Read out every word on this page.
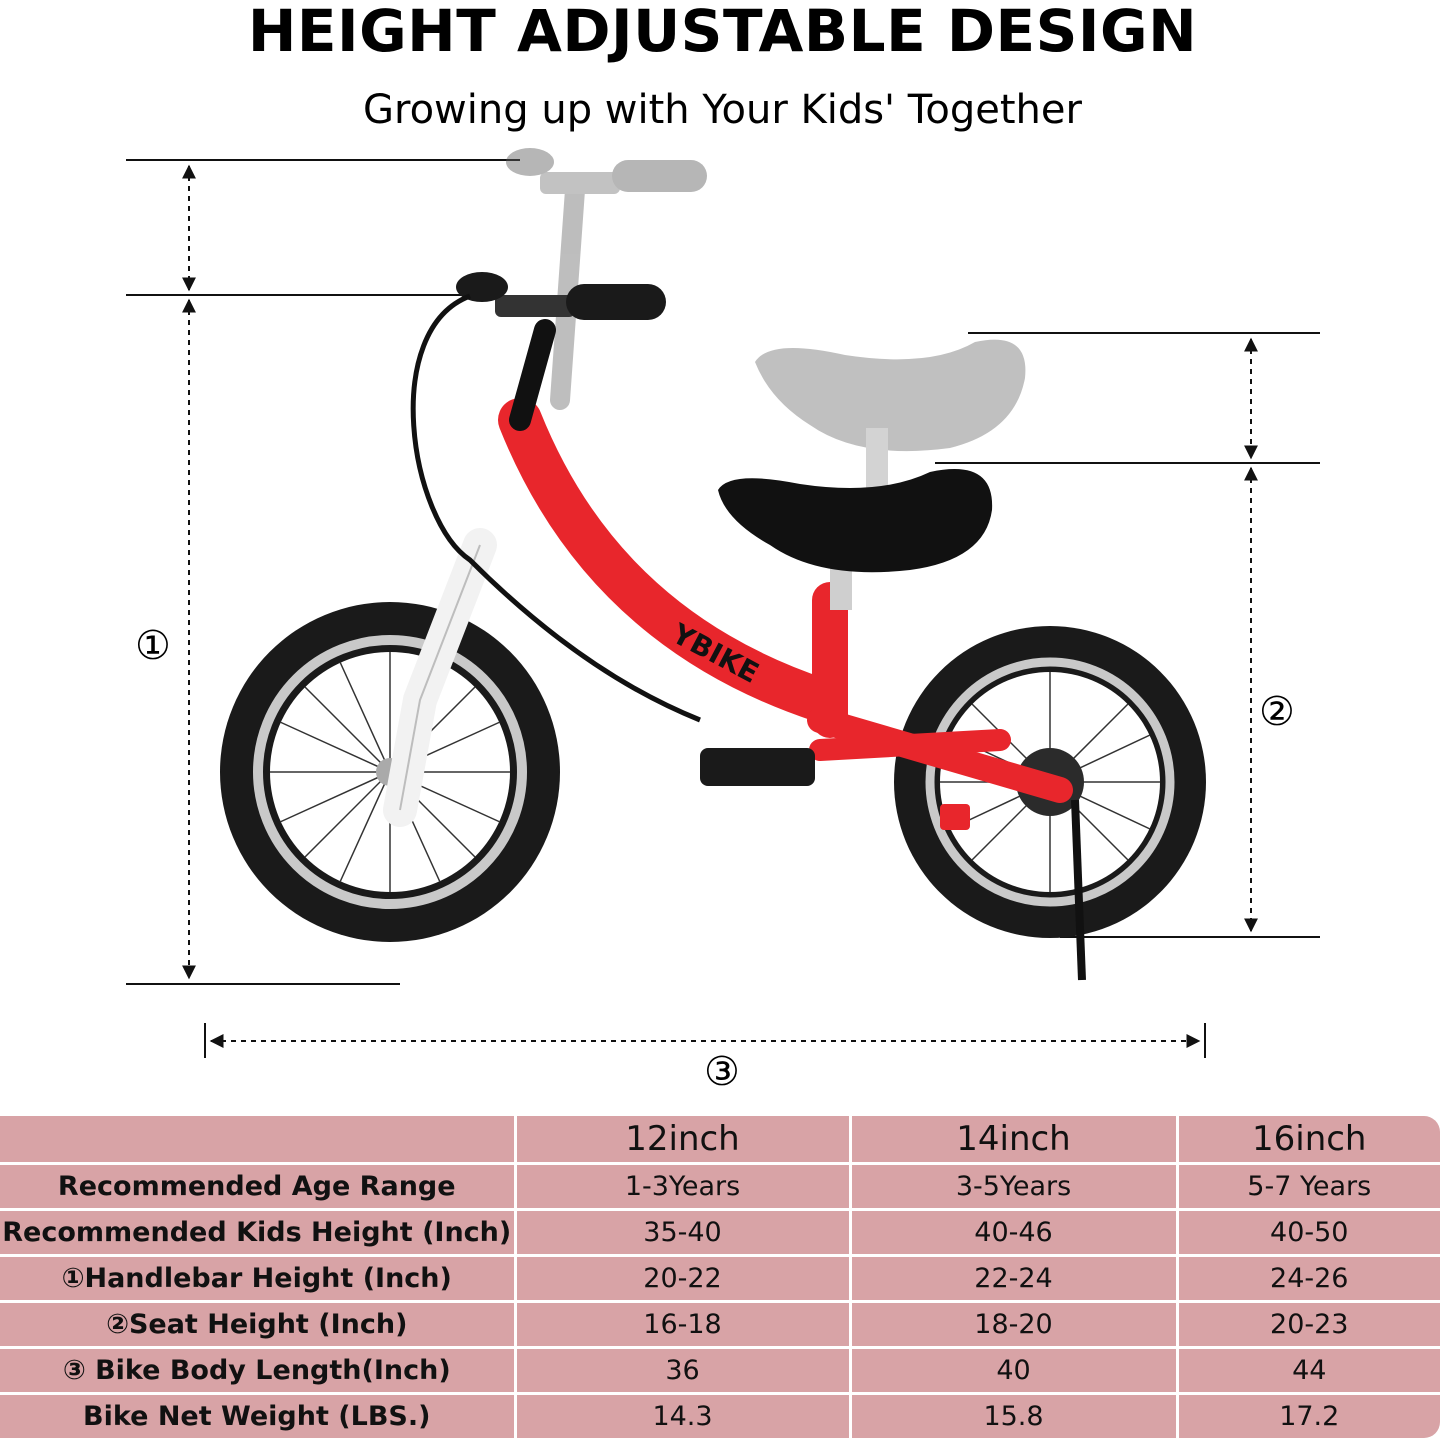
HEIGHT ADJUSTABLE DESIGN
Growing up with Your Kids' Together
YBIKE
①
②
③
	12inch	14inch	16inch
Recommended Age Range	1-3Years	3-5Years	5-7 Years
Recommended Kids Height (Inch)	35-40	40-46	40-50
①Handlebar Height (Inch)	20-22	22-24	24-26
②Seat Height (Inch)	16-18	18-20	20-23
③ Bike Body Length(Inch)	36	40	44
Bike Net Weight (LBS.)	14.3	15.8	17.2
